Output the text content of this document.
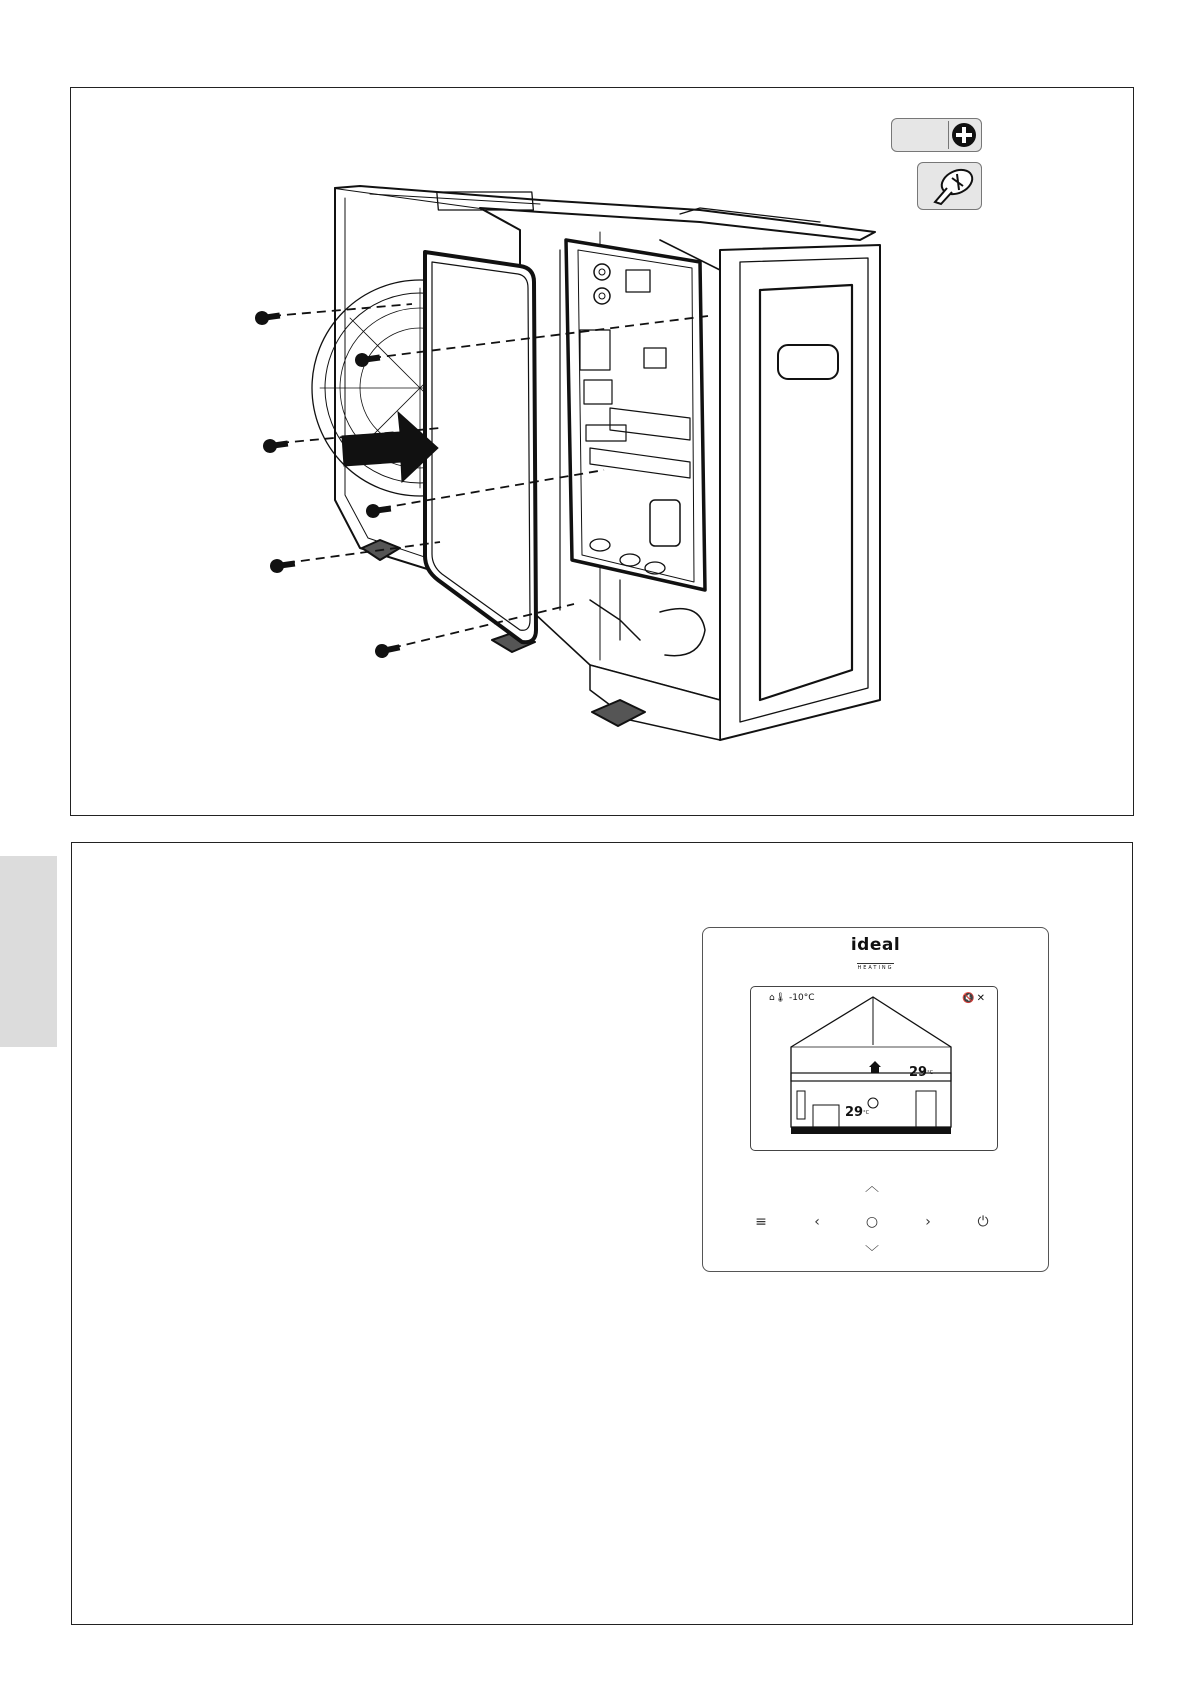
ideal
HEATING
⌂🌡 -10°C	🔇✕
$29^{^\circ C}$
$29^{^\circ C}$
︿
≡	‹	○	›	⏻
﹀
